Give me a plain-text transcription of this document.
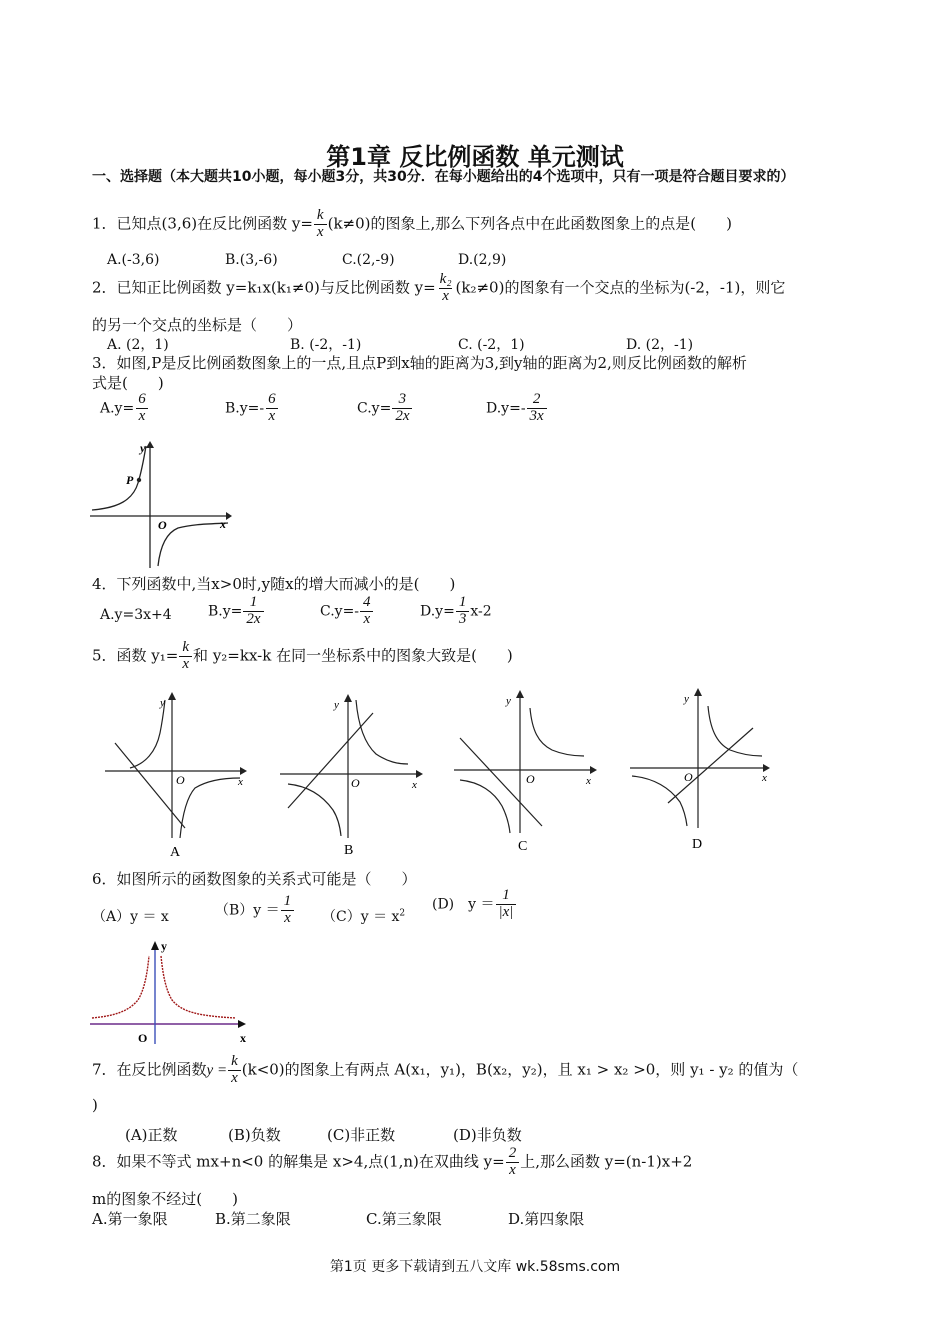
第1章 反比例函数 单元测试
一、选择题（本大题共10小题，每小题3分，共30分．在每小题给出的4个选项中，只有一项是符合题目要求的）
1．已知点(3,6)在反比例函数 $y= \frac{k}{x} (k\ne 0)$的图象上,那么下列各点中在此函数图象上的点是(　　)
A.(-3,6)	B.(3,-6)	C.(2,-9)	D.(2,9)
2．已知正比例函数 y=k₁x(k₁≠0)与反比例函数 $y= \frac{\text{k₂}}{x} (k_2\ne 0)$的图象有一个交点的坐标为(-2，-1)，则它
的另一个交点的坐标是（　　）
A. (2，1)	B. (-2，-1)	C. (-2，1)	D. (2，-1)
3．如图,P是反比例函数图象上的一点,且点P到x轴的距离为3,到y轴的距离为2,则反比例函数的解析
式是(　　)
$A.y= \frac{6}{x}$	$B.y=- \frac{6}{x}$	$C.y= \frac{3}{2x}$	$D.y=- \frac{2}{3x}$
y
P
O	x
4．下列函数中,当x>0时,y随x的增大而减小的是(　　)
A.y=3x+4	$B.y= \frac{1}{2x}$	$C.y=- \frac{4}{x}$	$D.y= \frac{1}{3} x-2$
5．函数 $y_1= \frac{k}{x}$ 和 y₂=kx-k 在同一坐标系中的图象大致是(　　)
y
O	x
A
y
O	x
B
y
O	x
C
y
O	x
D
6．如图所示的函数图象的关系式可能是（　　）
（A）y ＝ x	$(B)y = \frac{1}{x} (C)y = x^2$
(D)　$y = \frac{1}{|x|}$
y
O	x
7．在反比例函数$y = \frac{k}{x} (k<0)$的图象上有两点 A(x₁，y₁)，B(x₂，y₂)，且 x₁ > x₂ >0，则 y₁ - y₂ 的值为（
)
(A)正数	(B)负数	(C)非正数	(D)非负数
8．如果不等式 mx+n<0 的解集是 x>4,点(1,n)在双曲线 $y= \frac{2}{x}$ 上,那么函数 y=(n-1)x+2
m的图象不经过(　　)
A.第一象限	B.第二象限	C.第三象限	D.第四象限
第1页 更多下载请到五八文库 wk.58sms.com
